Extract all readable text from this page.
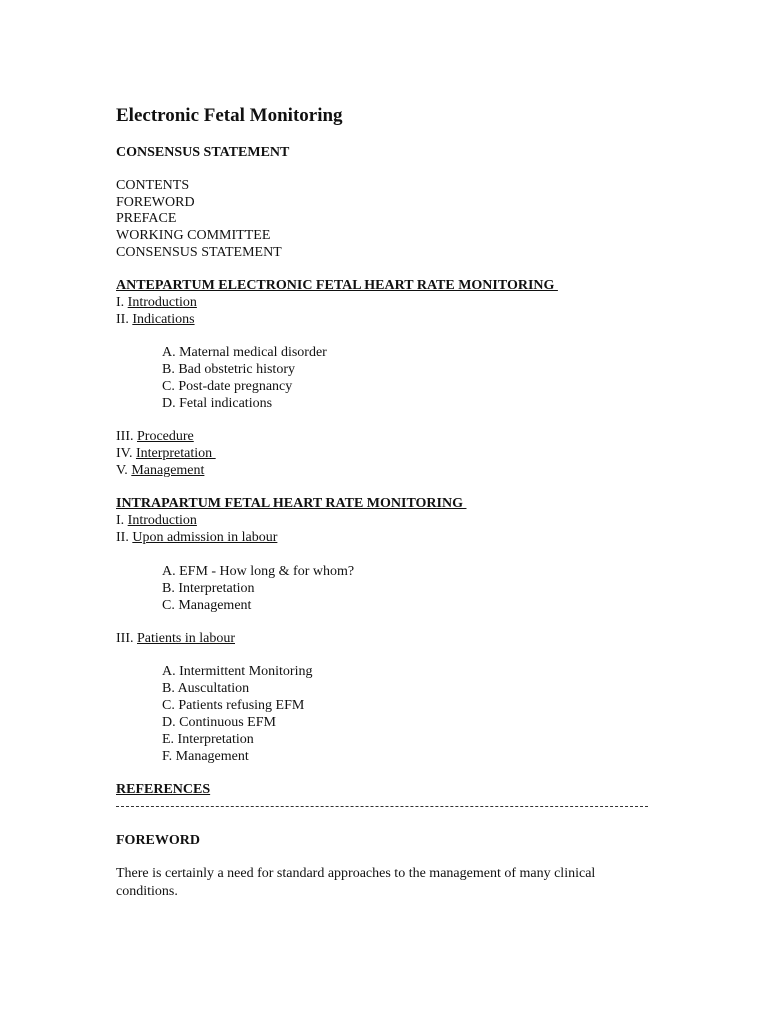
Electronic Fetal Monitoring
CONSENSUS STATEMENT
CONTENTS
FOREWORD
PREFACE
WORKING COMMITTEE
CONSENSUS STATEMENT
ANTEPARTUM ELECTRONIC FETAL HEART RATE MONITORING
I. Introduction
II. Indications
A. Maternal medical disorder
B. Bad obstetric history
C. Post-date pregnancy
D. Fetal indications
III. Procedure
IV. Interpretation
V. Management
INTRAPARTUM FETAL HEART RATE MONITORING
I. Introduction
II. Upon admission in labour
A. EFM - How long & for whom?
B. Interpretation
C. Management
III. Patients in labour
A. Intermittent Monitoring
B. Auscultation
C. Patients refusing EFM
D. Continuous EFM
E. Interpretation
F. Management
REFERENCES
FOREWORD
There is certainly a need for standard approaches to the management of many clinical
conditions.
